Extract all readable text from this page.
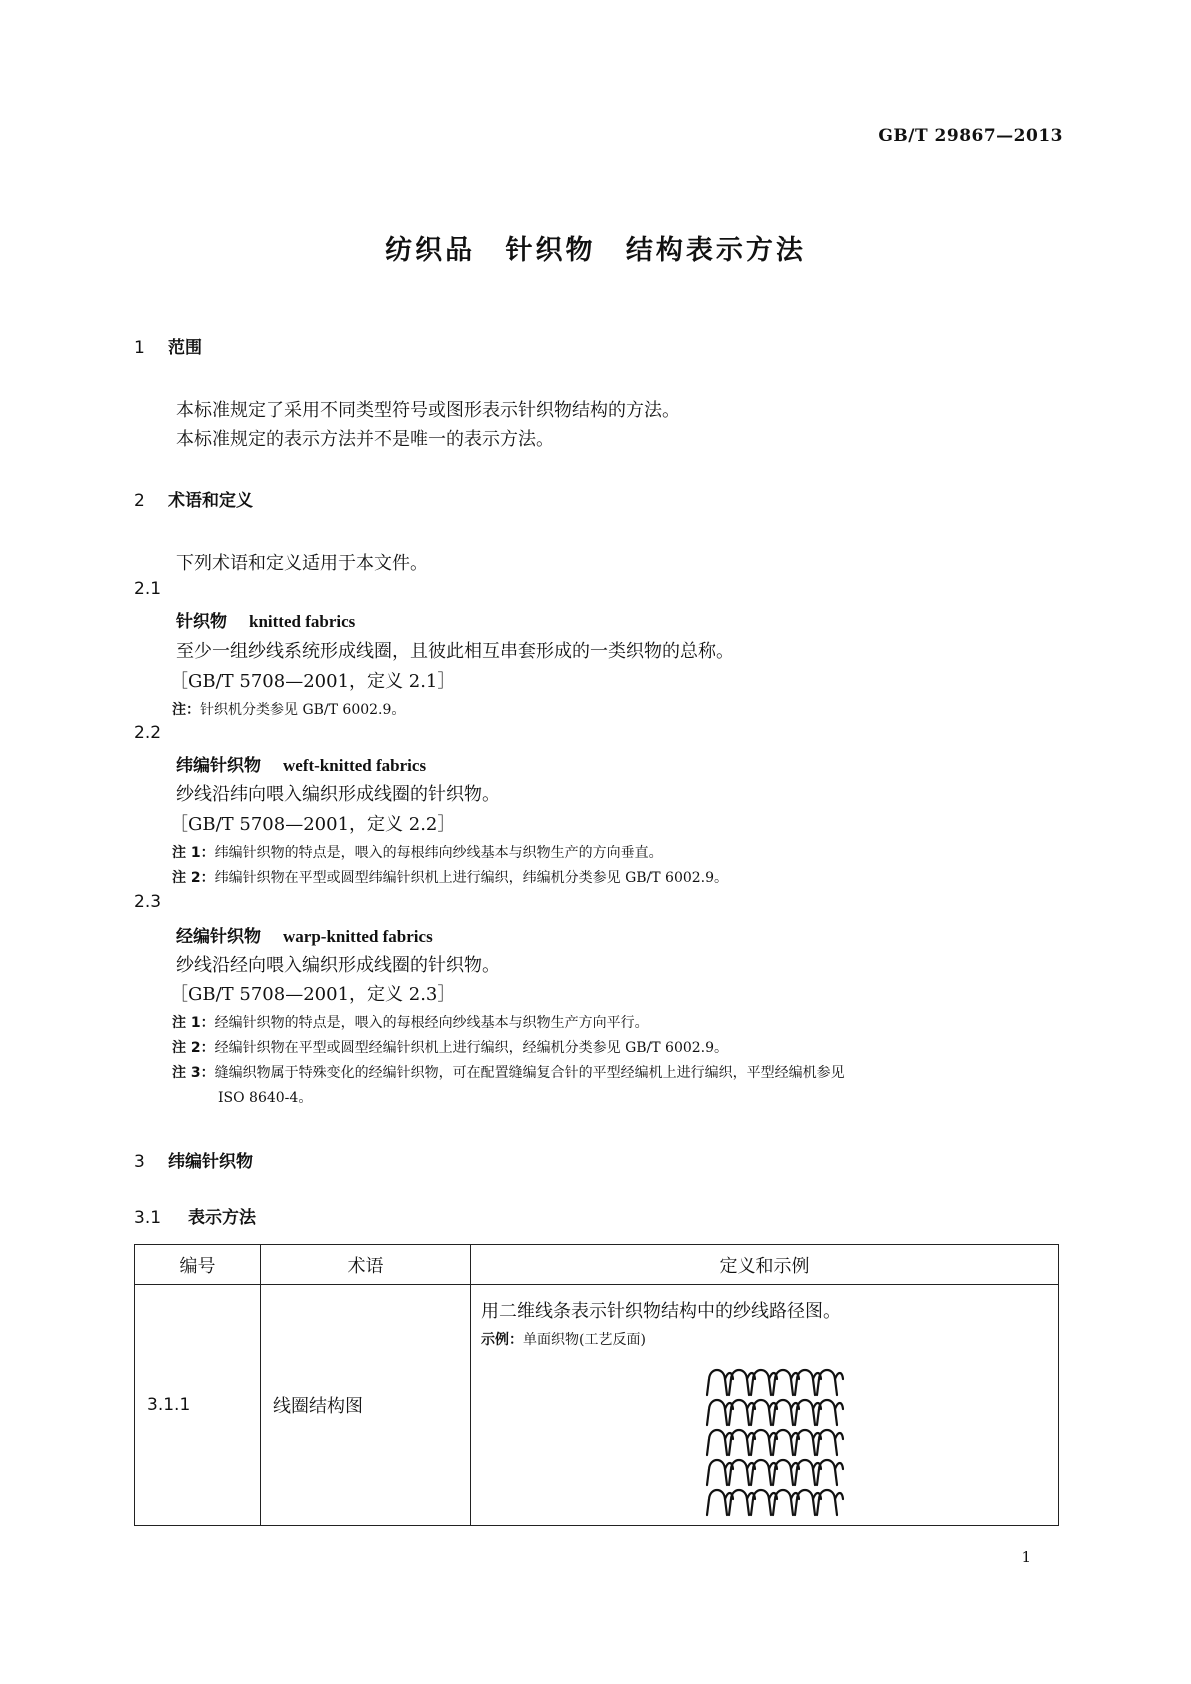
GB/T 29867—2013
纺织品 针织物 结构表示方法
1 范围
本标准规定了采用不同类型符号或图形表示针织物结构的方法。
本标准规定的表示方法并不是唯一的表示方法。
2 术语和定义
下列术语和定义适用于本文件。
2.1
针织物 knitted fabrics
至少一组纱线系统形成线圈，且彼此相互串套形成的一类织物的总称。
［GB/T 5708—2001，定义 2.1］
注：针织机分类参见 GB/T 6002.9。
2.2
纬编针织物 weft-knitted fabrics
纱线沿纬向喂入编织形成线圈的针织物。
［GB/T 5708—2001，定义 2.2］
注 1：纬编针织物的特点是，喂入的每根纬向纱线基本与织物生产的方向垂直。
注 2：纬编针织物在平型或圆型纬编针织机上进行编织，纬编机分类参见 GB/T 6002.9。
2.3
经编针织物 warp-knitted fabrics
纱线沿经向喂入编织形成线圈的针织物。
［GB/T 5708—2001，定义 2.3］
注 1：经编针织物的特点是，喂入的每根经向纱线基本与织物生产方向平行。
注 2：经编针织物在平型或圆型经编针织机上进行编织，经编机分类参见 GB/T 6002.9。
注 3：缝编织物属于特殊变化的经编针织物，可在配置缝编复合针的平型经编机上进行编织，平型经编机参见
ISO 8640-4。
3 纬编针织物
3.1 表示方法
编号	术语	定义和示例
3.1.1	线圈结构图	用二维线条表示针织物结构中的纱线路径图。
示例：单面织物(工艺反面)
1
